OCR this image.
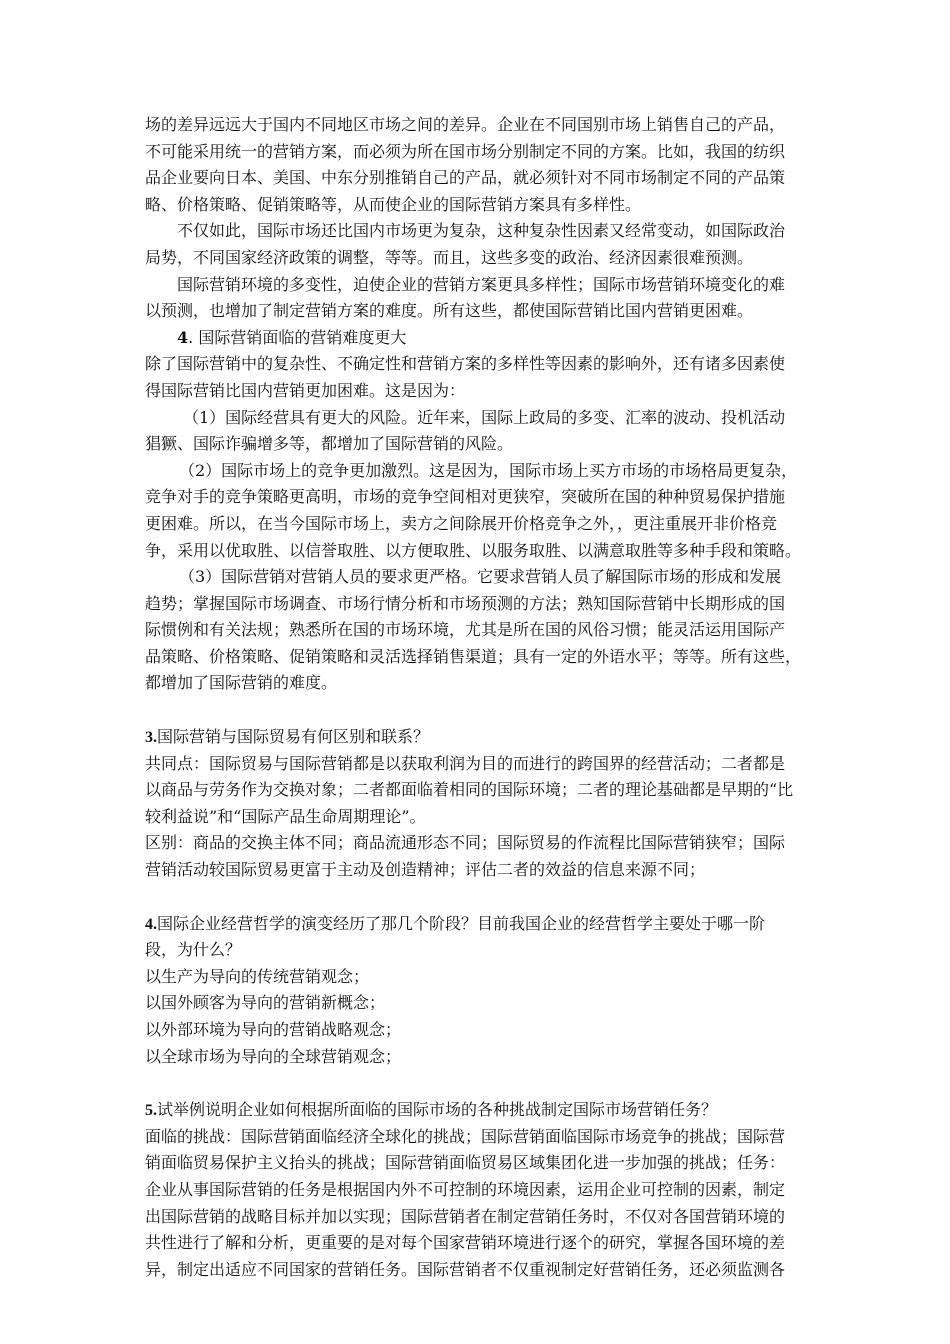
场的差异远远大于国内不同地区市场之间的差异。企业在不同国别市场上销售自己的产品，
不可能采用统一的营销方案，而必须为所在国市场分别制定不同的方案。比如，我国的纺织
品企业要向日本、美国、中东分别推销自己的产品，就必须针对不同市场制定不同的产品策
略、价格策略、促销策略等，从而使企业的国际营销方案具有多样性。
不仅如此，国际市场还比国内市场更为复杂，这种复杂性因素又经常变动，如国际政治
局势，不同国家经济政策的调整，等等。而且，这些多变的政治、经济因素很难预测。
国际营销环境的多变性，迫使企业的营销方案更具多样性；国际市场营销环境变化的难
以预测，也增加了制定营销方案的难度。所有这些，都使国际营销比国内营销更困难。
4. 国际营销面临的营销难度更大
除了国际营销中的复杂性、不确定性和营销方案的多样性等因素的影响外，还有诸多因素使
得国际营销比国内营销更加困难。这是因为：
（1）国际经营具有更大的风险。近年来，国际上政局的多变、汇率的波动、投机活动
猖獗、国际诈骗增多等，都增加了国际营销的风险。
（2）国际市场上的竞争更加激烈。这是因为，国际市场上买方市场的市场格局更复杂，
竞争对手的竞争策略更高明，市场的竞争空间相对更狭窄，突破所在国的种种贸易保护措施
更困难。所以，在当今国际市场上，卖方之间除展开价格竞争之外，，更注重展开非价格竞
争，采用以优取胜、以信誉取胜、以方便取胜、以服务取胜、以满意取胜等多种手段和策略。
（3）国际营销对营销人员的要求更严格。它要求营销人员了解国际市场的形成和发展
趋势；掌握国际市场调查、市场行情分析和市场预测的方法；熟知国际营销中长期形成的国
际惯例和有关法规；熟悉所在国的市场环境，尤其是所在国的风俗习惯；能灵活运用国际产
品策略、价格策略、促销策略和灵活选择销售渠道；具有一定的外语水平；等等。所有这些，
都增加了国际营销的难度。
3.国际营销与国际贸易有何区别和联系？
共同点：国际贸易与国际营销都是以获取利润为目的而进行的跨国界的经营活动；二者都是
以商品与劳务作为交换对象；二者都面临着相同的国际环境；二者的理论基础都是早期的“比
较利益说”和“国际产品生命周期理论”。
区别：商品的交换主体不同；商品流通形态不同；国际贸易的作流程比国际营销狭窄；国际
营销活动较国际贸易更富于主动及创造精神；评估二者的效益的信息来源不同；
4.国际企业经营哲学的演变经历了那几个阶段？目前我国企业的经营哲学主要处于哪一阶
段，为什么？
以生产为导向的传统营销观念；
以国外顾客为导向的营销新概念；
以外部环境为导向的营销战略观念；
以全球市场为导向的全球营销观念；
5.试举例说明企业如何根据所面临的国际市场的各种挑战制定国际市场营销任务？
面临的挑战：国际营销面临经济全球化的挑战；国际营销面临国际市场竞争的挑战；国际营
销面临贸易保护主义抬头的挑战；国际营销面临贸易区域集团化进一步加强的挑战；任务：
企业从事国际营销的任务是根据国内外不可控制的环境因素，运用企业可控制的因素，制定
出国际营销的战略目标并加以实现；国际营销者在制定营销任务时，不仅对各国营销环境的
共性进行了解和分析，更重要的是对每个国家营销环境进行逐个的研究，掌握各国环境的差
异，制定出适应不同国家的营销任务。国际营销者不仅重视制定好营销任务，还必须监测各
